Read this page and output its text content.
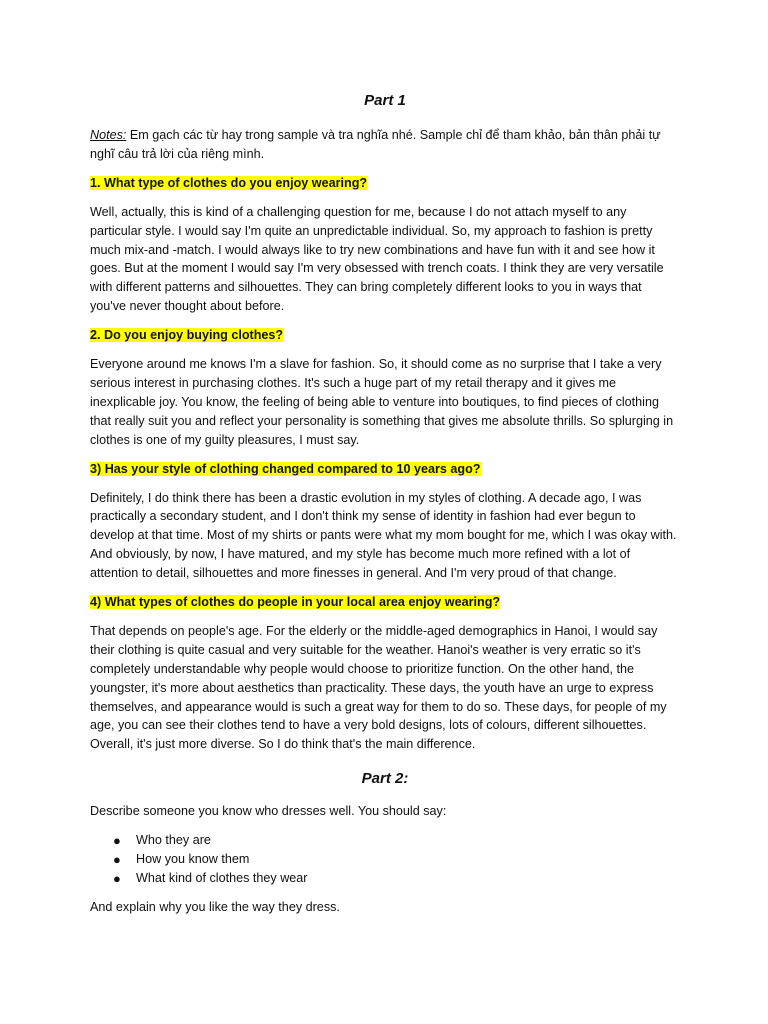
Part 1

Notes: Em gạch các từ hay trong sample và tra nghĩa nhé. Sample chỉ để tham khảo, bản thân phải tự nghĩ câu trả lời của riêng mình.

1. What type of clothes do you enjoy wearing?

Well, actually, this is kind of a challenging question for me, because I do not attach myself to any particular style. I would say I'm quite an unpredictable individual. So, my approach to fashion is pretty much mix-and -match. I would always like to try new combinations and have fun with it and see how it goes. But at the moment I would say I'm very obsessed with trench coats. I think they are very versatile with different patterns and silhouettes. They can bring completely different looks to you in ways that you've never thought about before.

2. Do you enjoy buying clothes?

Everyone around me knows I'm a slave for fashion. So, it should come as no surprise that I take a very serious interest in purchasing clothes. It's such a huge part of my retail therapy and it gives me inexplicable joy. You know, the feeling of being able to venture into boutiques, to find pieces of clothing that really suit you and reflect your personality is something that gives me absolute thrills. So splurging in clothes is one of my guilty pleasures, I must say.

3) Has your style of clothing changed compared to 10 years ago?

Definitely, I do think there has been a drastic evolution in my styles of clothing. A decade ago, I was practically a secondary student, and I don't think my sense of identity in fashion had ever begun to develop at that time. Most of my shirts or pants were what my mom bought for me, which I was okay with. And obviously, by now, I have matured, and my style has become much more refined with a lot of attention to detail, silhouettes and more finesses in general. And I'm very proud of that change.

4) What types of clothes do people in your local area enjoy wearing?

That depends on people's age. For the elderly or the middle-aged demographics in Hanoi, I would say their clothing is quite casual and very suitable for the weather. Hanoi's weather is very erratic so it's completely understandable why people would choose to prioritize function. On the other hand, the youngster, it's more about aesthetics than practicality. These days, the youth have an urge to express themselves, and appearance would is such a great way for them to do so. These days, for people of my age, you can see their clothes tend to have a very bold designs, lots of colours, different silhouettes. Overall, it's just more diverse. So I do think that's the main difference.

Part 2:

Describe someone you know who dresses well. You should say:

● Who they are
● How you know them
● What kind of clothes they wear

And explain why you like the way they dress.
